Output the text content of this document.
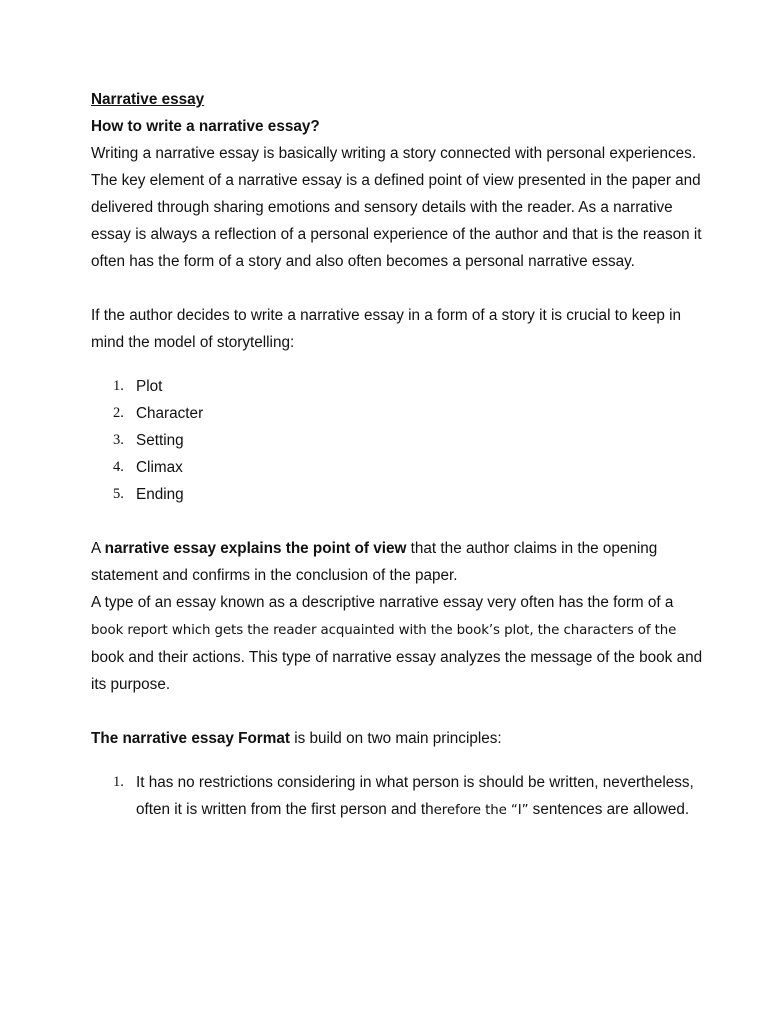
Narrative essay

How to write a narrative essay?

Writing a narrative essay is basically writing a story connected with personal experiences. The key element of a narrative essay is a defined point of view presented in the paper and delivered through sharing emotions and sensory details with the reader. As a narrative essay is always a reflection of a personal experience of the author and that is the reason it often has the form of a story and also often becomes a personal narrative essay.

If the author decides to write a narrative essay in a form of a story it is crucial to keep in mind the model of storytelling:

1. Plot
2. Character
3. Setting
4. Climax
5. Ending

A narrative essay explains the point of view that the author claims in the opening statement and confirms in the conclusion of the paper.

A type of an essay known as a descriptive narrative essay very often has the form of a
book report which gets the reader acquainted with the book’s plot, the characters of the
book and their actions. This type of narrative essay analyzes the message of the book and its purpose.

The narrative essay Format is build on two main principles:

1. It has no restrictions considering in what person is should be written, nevertheless, often it is written from the first person and therefore the “I” sentences are allowed.
